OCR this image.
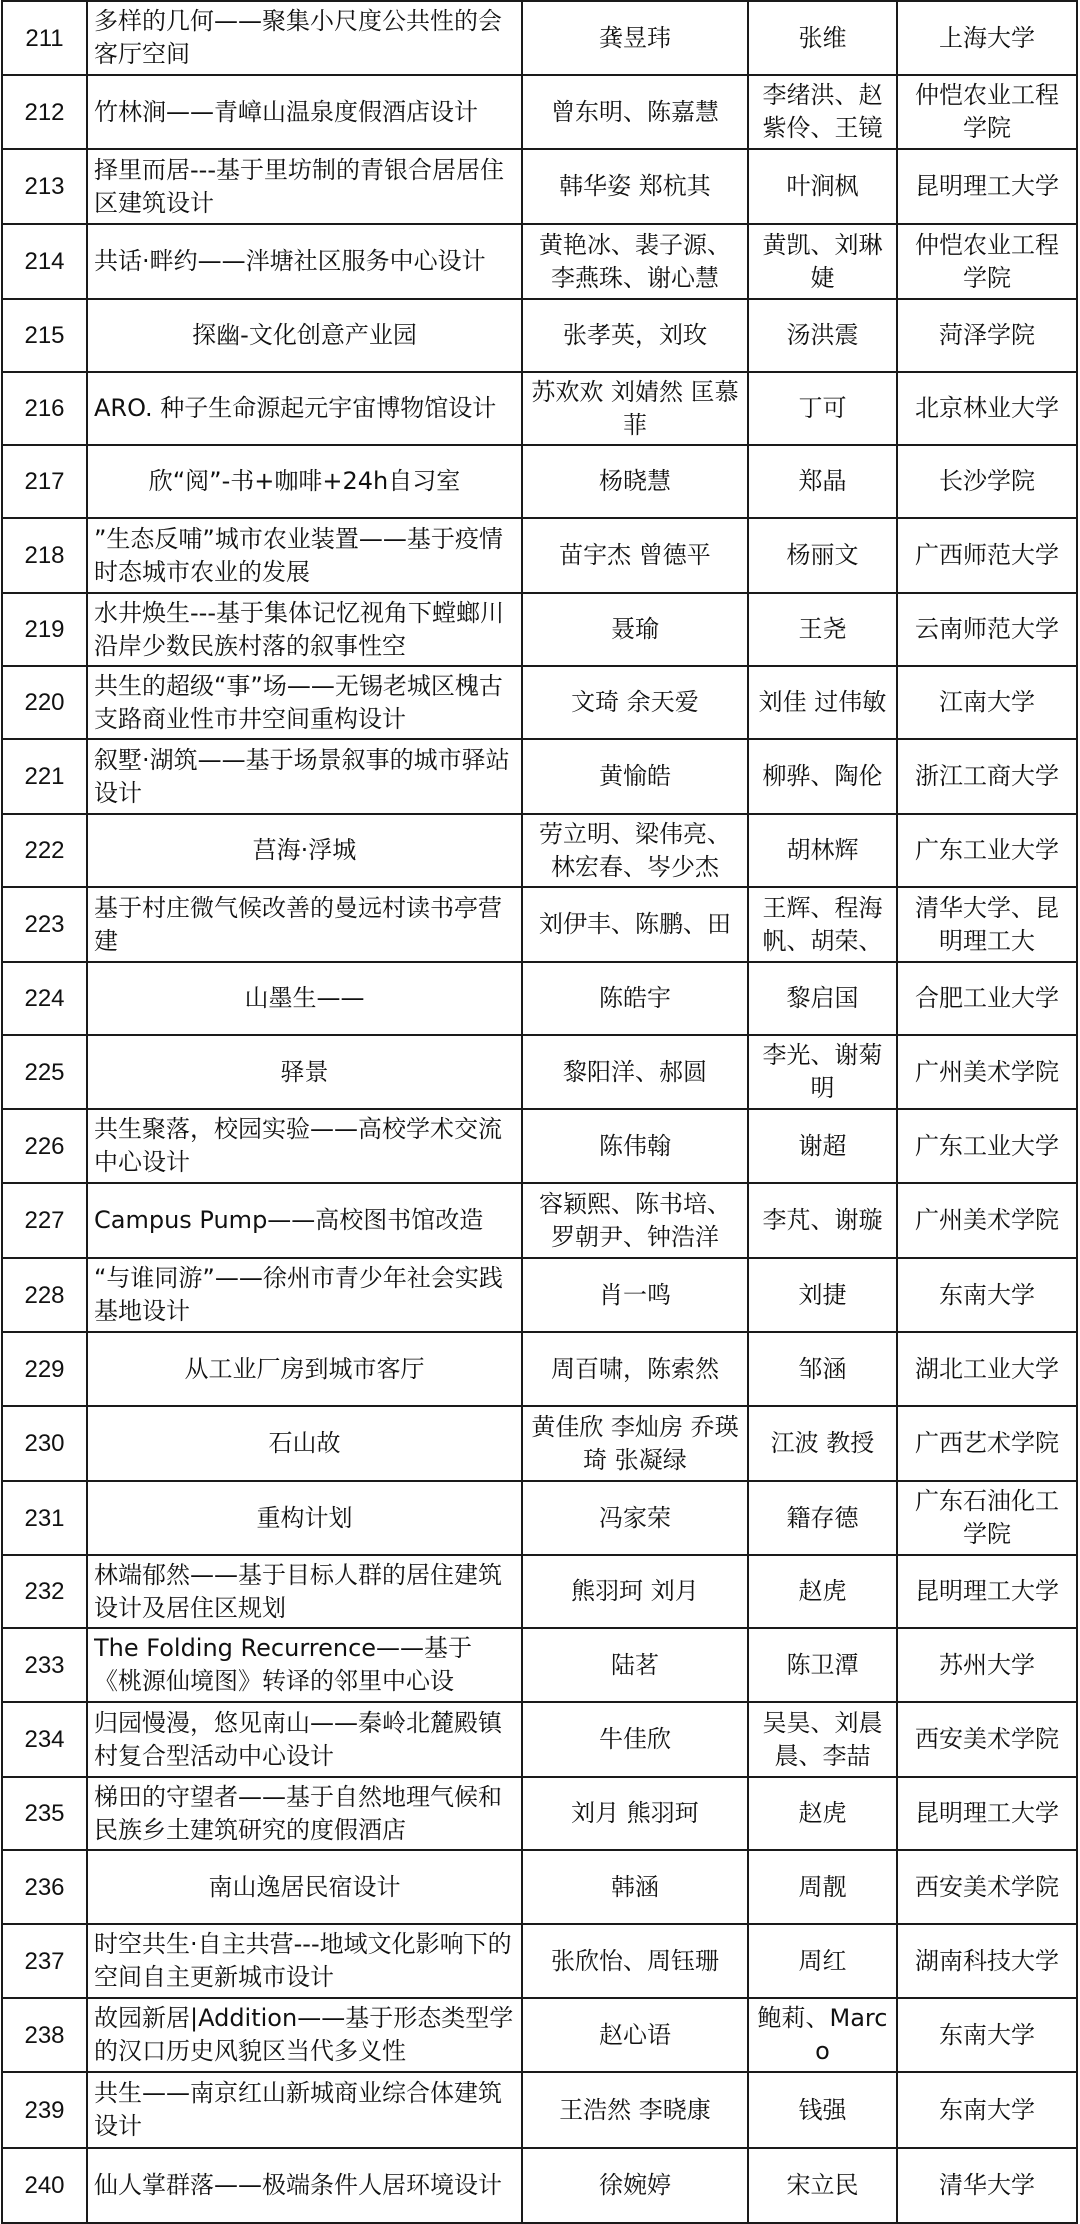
211	多样的几何——聚集小尺度公共性的会客厅空间	龚昱玮	张维	上海大学

212	竹林涧——青嶂山温泉度假酒店设计	曾东明、陈嘉慧	李绪洪、赵紫伶、王镜	仲恺农业工程学院

213	择里而居---基于里坊制的青银合居居住区建筑设计	韩华姿 郑杭其	叶涧枫	昆明理工大学

214	共话·畔约——泮塘社区服务中心设计	黄艳冰、裴子源、李燕珠、谢心慧	黄凯、刘琳婕	仲恺农业工程学院

215	探幽-文化创意产业园	张孝英，刘玫	汤洪震	菏泽学院

216	ARO. 种子生命源起元宇宙博物馆设计	苏欢欢 刘婧然 匡慕菲	丁可	北京林业大学

217	欣“阅”-书+咖啡+24h自习室	杨晓慧	郑晶	长沙学院

218	”生态反哺”城市农业装置——基于疫情时态城市农业的发展	苗宇杰 曾德平	杨丽文	广西师范大学

219	水井焕生---基于集体记忆视角下螳螂川沿岸少数民族村落的叙事性空	聂瑜	王尧	云南师范大学

220	共生的超级“事”场——无锡老城区槐古支路商业性市井空间重构设计	文琦 余天爱	刘佳 过伟敏	江南大学

221	叙墅·湖筑——基于场景叙事的城市驿站设计	黄愉皓	柳骅、陶伦	浙江工商大学

222	莒海·浮城	劳立明、梁伟亮、林宏春、岑少杰	胡林辉	广东工业大学

223	基于村庄微气候改善的曼远村读书亭营建	刘伊丰、陈鹏、田	王辉、程海帆、胡荣、	清华大学、昆明理工大

224	山墨生——	陈皓宇	黎启国	合肥工业大学

225	驿景	黎阳洋、郝圆	李光、谢菊明	广州美术学院

226	共生聚落，校园实验——高校学术交流中心设计	陈伟翰	谢超	广东工业大学

227	Campus Pump——高校图书馆改造	容颖熙、陈书培、罗朝尹、钟浩洋	李芃、谢璇	广州美术学院

228	“与谁同游”——徐州市青少年社会实践基地设计	肖一鸣	刘捷	东南大学

229	从工业厂房到城市客厅	周百啸，陈索然	邹涵	湖北工业大学

230	石山故	黄佳欣 李灿房 乔瑛琦 张凝绿	江波 教授	广西艺术学院

231	重构计划	冯家荣	籍存德	广东石油化工学院

232	林端郁然——基于目标人群的居住建筑设计及居住区规划	熊羽珂 刘月	赵虎	昆明理工大学

233	The Folding Recurrence——基于《桃源仙境图》转译的邻里中心设	陆茗	陈卫潭	苏州大学

234	归园慢漫，悠见南山——秦岭北麓殿镇村复合型活动中心设计	牛佳欣	吴昊、刘晨晨、李喆	西安美术学院

235	梯田的守望者——基于自然地理气候和民族乡土建筑研究的度假酒店	刘月 熊羽珂	赵虎	昆明理工大学

236	南山逸居民宿设计	韩涵	周靓	西安美术学院

237	时空共生·自主共营---地域文化影响下的空间自主更新城市设计	张欣怡、周钰珊	周红	湖南科技大学

238	故园新居|Addition——基于形态类型学的汉口历史风貌区当代多义性	赵心语	鲍莉、Marco	东南大学

239	共生——南京红山新城商业综合体建筑设计	王浩然 李晓康	钱强	东南大学

240	仙人掌群落——极端条件人居环境设计	徐婉婷	宋立民	清华大学
